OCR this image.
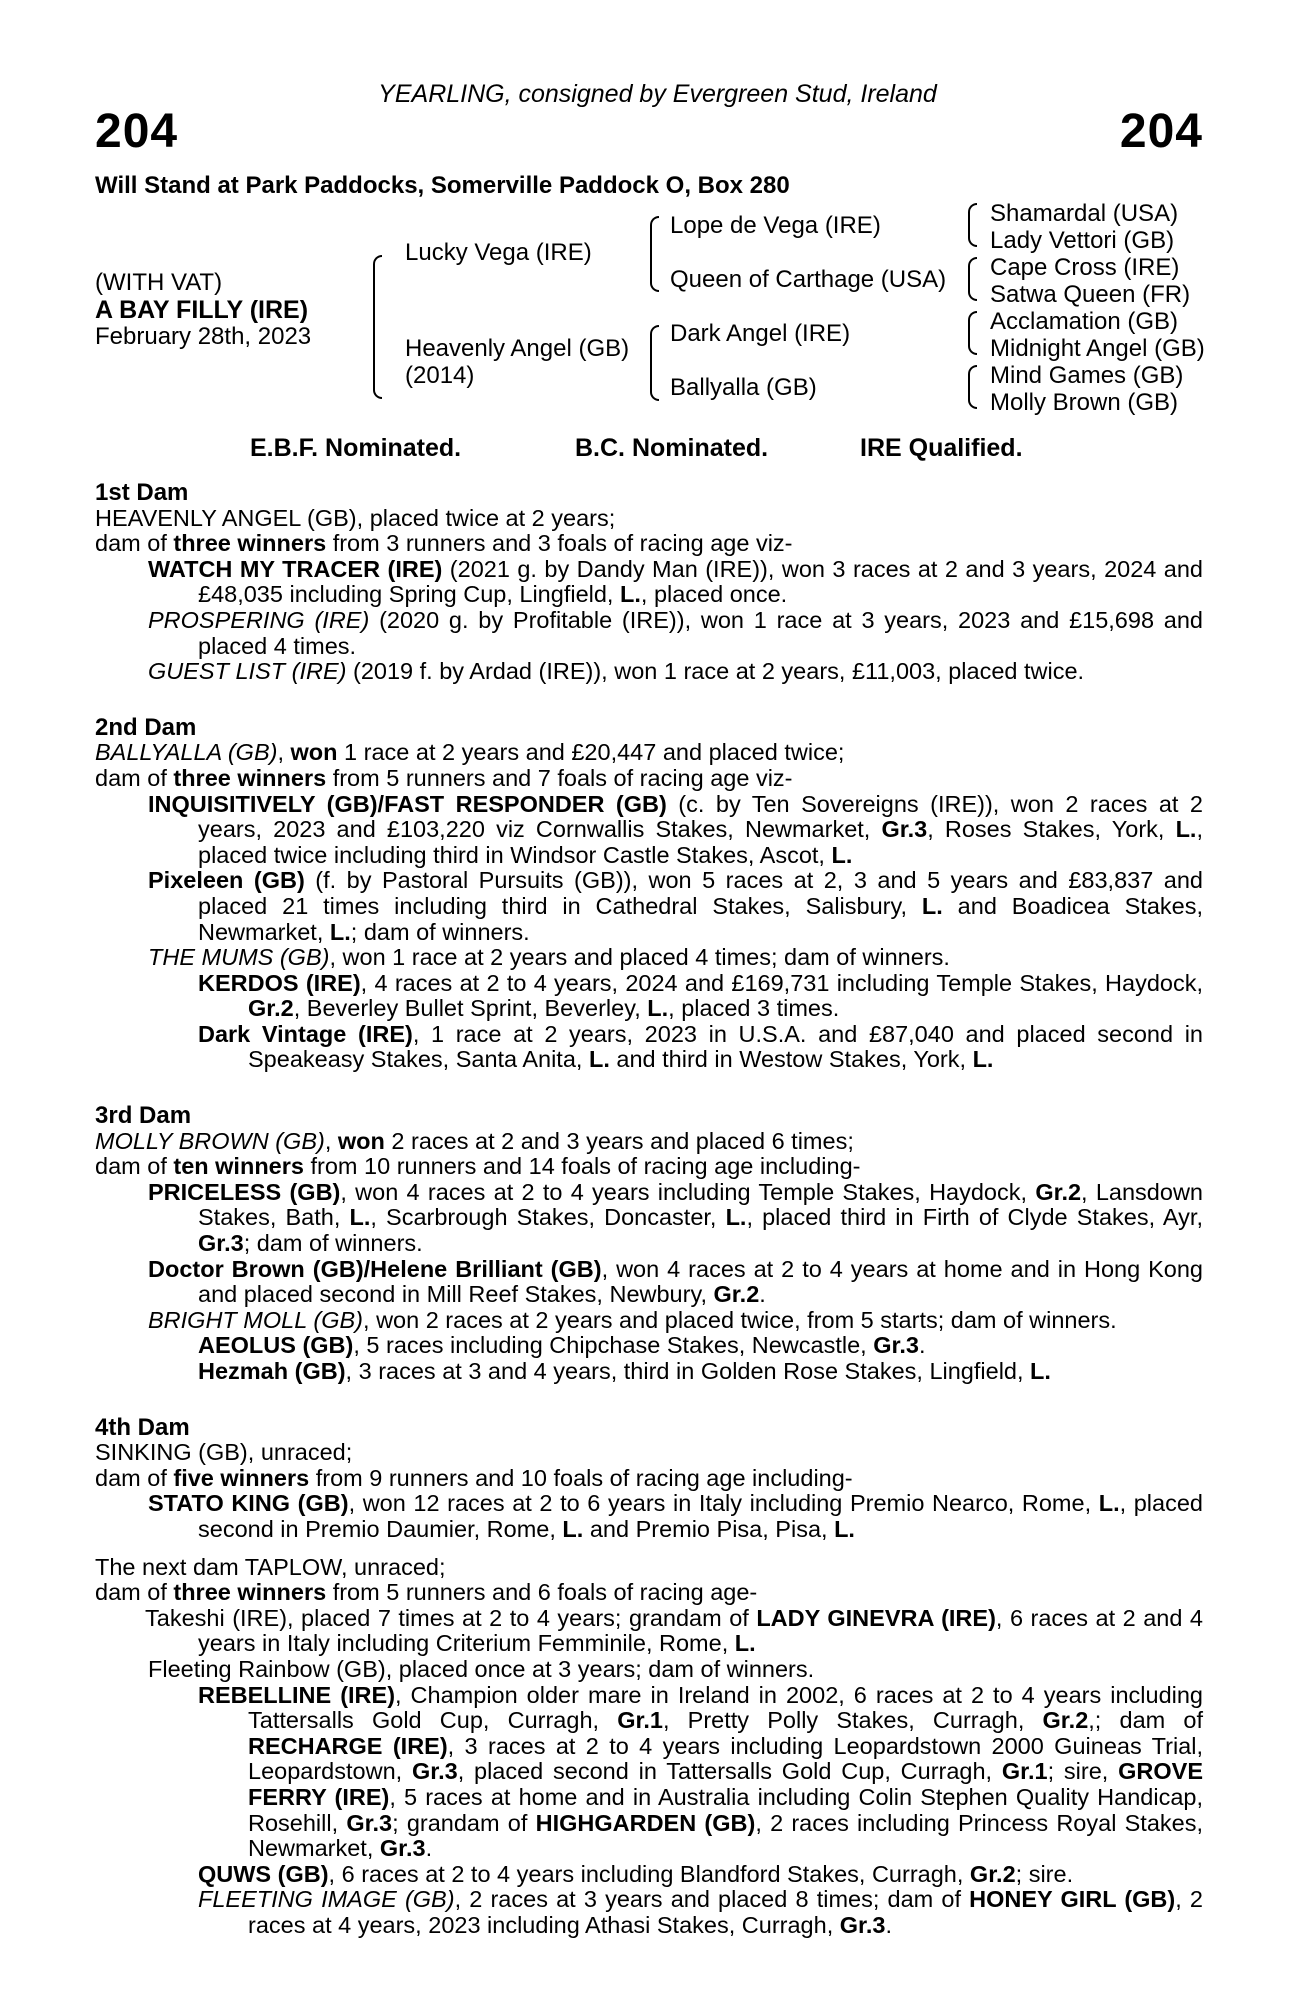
YEARLING, consigned by Evergreen Stud, Ireland
204	204
Will Stand at Park Paddocks, Somerville Paddock O, Box 280
(WITH VAT)
A BAY FILLY (IRE)
February 28th, 2023
Lucky Vega (IRE)
Heavenly Angel (GB)
(2014)
Lope de Vega (IRE)
Queen of Carthage (USA)
Dark Angel (IRE)
Ballyalla (GB)
Shamardal (USA)
Lady Vettori (GB)
Cape Cross (IRE)
Satwa Queen (FR)
Acclamation (GB)
Midnight Angel (GB)
Mind Games (GB)
Molly Brown (GB)
E.B.F. Nominated.	B.C. Nominated.	IRE Qualified.
1st Dam
HEAVENLY ANGEL (GB), placed twice at 2 years;
dam of three winners from 3 runners and 3 foals of racing age viz-
WATCH MY TRACER (IRE) (2021 g. by Dandy Man (IRE)), won 3 races at 2 and 3 years, 2024 and £48,035 including Spring Cup, Lingfield, L., placed once.
PROSPERING (IRE) (2020 g. by Profitable (IRE)), won 1 race at 3 years, 2023 and £15,698 and placed 4 times.
GUEST LIST (IRE) (2019 f. by Ardad (IRE)), won 1 race at 2 years, £11,003, placed twice.
2nd Dam
BALLYALLA (GB), won 1 race at 2 years and £20,447 and placed twice;
dam of three winners from 5 runners and 7 foals of racing age viz-
INQUISITIVELY (GB)/FAST RESPONDER (GB) (c. by Ten Sovereigns (IRE)), won 2 races at 2 years, 2023 and £103,220 viz Cornwallis Stakes, Newmarket, Gr.3, Roses Stakes, York, L., placed twice including third in Windsor Castle Stakes, Ascot, L.
Pixeleen (GB) (f. by Pastoral Pursuits (GB)), won 5 races at 2, 3 and 5 years and £83,837 and placed 21 times including third in Cathedral Stakes, Salisbury, L. and Boadicea Stakes, Newmarket, L.; dam of winners.
THE MUMS (GB), won 1 race at 2 years and placed 4 times; dam of winners.
KERDOS (IRE), 4 races at 2 to 4 years, 2024 and £169,731 including Temple Stakes, Haydock, Gr.2, Beverley Bullet Sprint, Beverley, L., placed 3 times.
Dark Vintage (IRE), 1 race at 2 years, 2023 in U.S.A. and £87,040 and placed second in Speakeasy Stakes, Santa Anita, L. and third in Westow Stakes, York, L.
3rd Dam
MOLLY BROWN (GB), won 2 races at 2 and 3 years and placed 6 times;
dam of ten winners from 10 runners and 14 foals of racing age including-
PRICELESS (GB), won 4 races at 2 to 4 years including Temple Stakes, Haydock, Gr.2, Lansdown Stakes, Bath, L., Scarbrough Stakes, Doncaster, L., placed third in Firth of Clyde Stakes, Ayr, Gr.3; dam of winners.
Doctor Brown (GB)/Helene Brilliant (GB), won 4 races at 2 to 4 years at home and in Hong Kong and placed second in Mill Reef Stakes, Newbury, Gr.2.
BRIGHT MOLL (GB), won 2 races at 2 years and placed twice, from 5 starts; dam of winners.
AEOLUS (GB), 5 races including Chipchase Stakes, Newcastle, Gr.3.
Hezmah (GB), 3 races at 3 and 4 years, third in Golden Rose Stakes, Lingfield, L.
4th Dam
SINKING (GB), unraced;
dam of five winners from 9 runners and 10 foals of racing age including-
STATO KING (GB), won 12 races at 2 to 6 years in Italy including Premio Nearco, Rome, L., placed second in Premio Daumier, Rome, L. and Premio Pisa, Pisa, L.
The next dam TAPLOW, unraced;
dam of three winners from 5 runners and 6 foals of racing age-
Takeshi (IRE), placed 7 times at 2 to 4 years; grandam of LADY GINEVRA (IRE), 6 races at 2 and 4 years in Italy including Criterium Femminile, Rome, L.
Fleeting Rainbow (GB), placed once at 3 years; dam of winners.
REBELLINE (IRE), Champion older mare in Ireland in 2002, 6 races at 2 to 4 years including Tattersalls Gold Cup, Curragh, Gr.1, Pretty Polly Stakes, Curragh, Gr.2,; dam of RECHARGE (IRE), 3 races at 2 to 4 years including Leopardstown 2000 Guineas Trial, Leopardstown, Gr.3, placed second in Tattersalls Gold Cup, Curragh, Gr.1; sire, GROVE FERRY (IRE), 5 races at home and in Australia including Colin Stephen Quality Handicap, Rosehill, Gr.3; grandam of HIGHGARDEN (GB), 2 races including Princess Royal Stakes, Newmarket, Gr.3.
QUWS (GB), 6 races at 2 to 4 years including Blandford Stakes, Curragh, Gr.2; sire.
FLEETING IMAGE (GB), 2 races at 3 years and placed 8 times; dam of HONEY GIRL (GB), 2 races at 4 years, 2023 including Athasi Stakes, Curragh, Gr.3.
